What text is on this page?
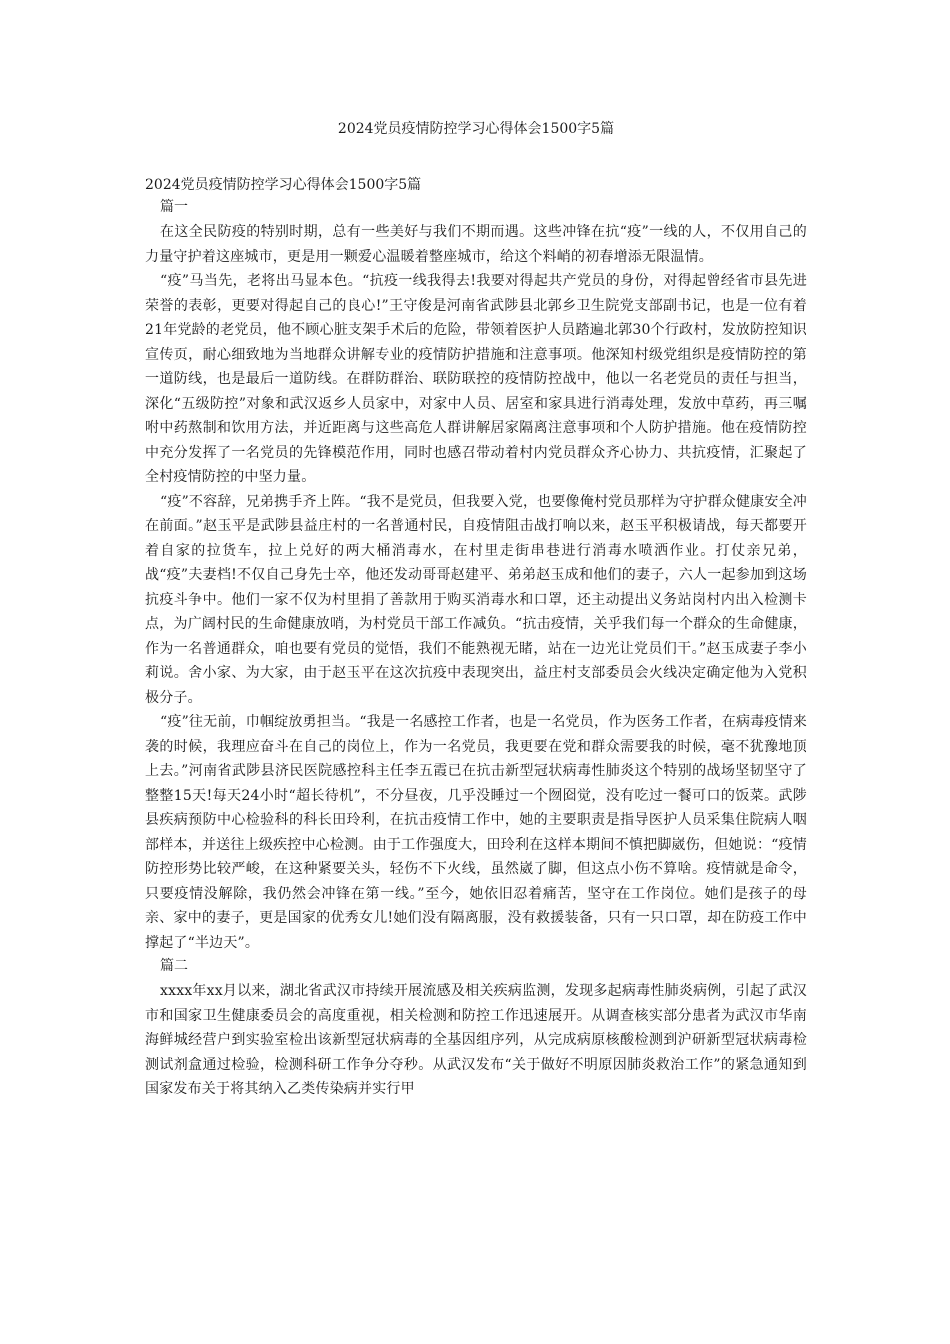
2024党员疫情防控学习心得体会1500字5篇

2024党员疫情防控学习心得体会1500字5篇

篇一

在这全民防疫的特别时期，总有一些美好与我们不期而遇。这些冲锋在抗“疫”一线的人，不仅用自己的力量守护着这座城市，更是用一颗爱心温暖着整座城市，给这个料峭的初春增添无限温情。

“疫”马当先，老将出马显本色。“抗疫一线我得去!我要对得起共产党员的身份，对得起曾经省市县先进荣誉的表彰，更要对得起自己的良心!”王守俊是河南省武陟县北郭乡卫生院党支部副书记，也是一位有着21年党龄的老党员，他不顾心脏支架手术后的危险，带领着医护人员踏遍北郭30个行政村，发放防控知识宣传页，耐心细致地为当地群众讲解专业的疫情防护措施和注意事项。他深知村级党组织是疫情防控的第一道防线，也是最后一道防线。在群防群治、联防联控的疫情防控战中，他以一名老党员的责任与担当，深化“五级防控”对象和武汉返乡人员家中，对家中人员、居室和家具进行消毒处理，发放中草药，再三嘱咐中药熬制和饮用方法，并近距离与这些高危人群讲解居家隔离注意事项和个人防护措施。他在疫情防控中充分发挥了一名党员的先锋模范作用，同时也感召带动着村内党员群众齐心协力、共抗疫情，汇聚起了全村疫情防控的中坚力量。

“疫”不容辞，兄弟携手齐上阵。“我不是党员，但我要入党，也要像俺村党员那样为守护群众健康安全冲在前面。”赵玉平是武陟县益庄村的一名普通村民，自疫情阻击战打响以来，赵玉平积极请战，每天都要开着自家的拉货车，拉上兑好的两大桶消毒水，在村里走街串巷进行消毒水喷洒作业。打仗亲兄弟，战“疫”夫妻档!不仅自己身先士卒，他还发动哥哥赵建平、弟弟赵玉成和他们的妻子，六人一起参加到这场抗疫斗争中。他们一家不仅为村里捐了善款用于购买消毒水和口罩，还主动提出义务站岗村内出入检测卡点，为广阔村民的生命健康放哨，为村党员干部工作减负。“抗击疫情，关乎我们每一个群众的生命健康，作为一名普通群众，咱也要有党员的觉悟，我们不能熟视无睹，站在一边光让党员们干。”赵玉成妻子李小莉说。舍小家、为大家，由于赵玉平在这次抗疫中表现突出，益庄村支部委员会火线决定确定他为入党积极分子。

“疫”往无前，巾帼绽放勇担当。“我是一名感控工作者，也是一名党员，作为医务工作者，在病毒疫情来袭的时候，我理应奋斗在自己的岗位上，作为一名党员，我更要在党和群众需要我的时候，毫不犹豫地顶上去。”河南省武陟县济民医院感控科主任李五霞已在抗击新型冠状病毒性肺炎这个特别的战场坚韧坚守了整整15天!每天24小时“超长待机”，不分昼夜，几乎没睡过一个囫囵觉，没有吃过一餐可口的饭菜。武陟县疾病预防中心检验科的科长田玲利，在抗击疫情工作中，她的主要职责是指导医护人员采集住院病人咽部样本，并送往上级疾控中心检测。由于工作强度大，田玲利在这样本期间不慎把脚崴伤，但她说：“疫情防控形势比较严峻，在这种紧要关头，轻伤不下火线，虽然崴了脚，但这点小伤不算啥。疫情就是命令，只要疫情没解除，我仍然会冲锋在第一线。”至今，她依旧忍着痛苦，坚守在工作岗位。她们是孩子的母亲、家中的妻子，更是国家的优秀女儿!她们没有隔离服，没有救援装备，只有一只口罩，却在防疫工作中撑起了“半边天”。

篇二

xxxx年xx月以来，湖北省武汉市持续开展流感及相关疾病监测，发现多起病毒性肺炎病例，引起了武汉市和国家卫生健康委员会的高度重视，相关检测和防控工作迅速展开。从调查核实部分患者为武汉市华南海鲜城经营户到实验室检出该新型冠状病毒的全基因组序列，从完成病原核酸检测到沪研新型冠状病毒检测试剂盒通过检验，检测科研工作争分夺秒。从武汉发布“关于做好不明原因肺炎救治工作”的紧急通知到国家发布关于将其纳入乙类传染病并实行甲
